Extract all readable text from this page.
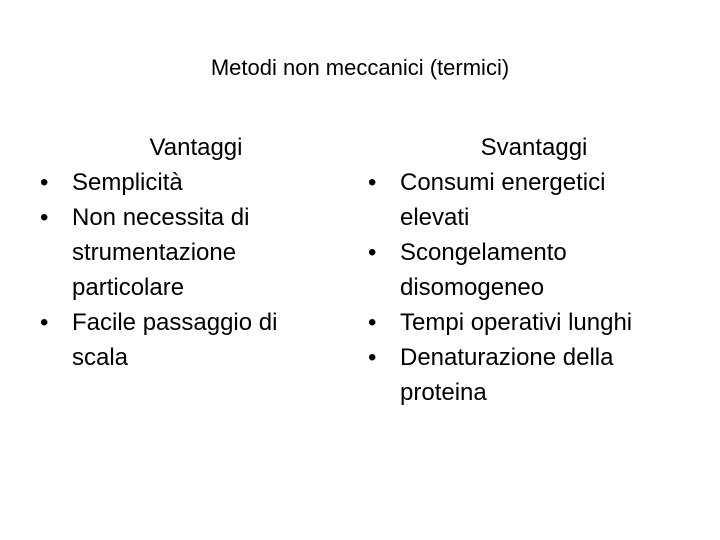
Metodi non meccanici (termici)
Vantaggi
• Semplicità
• Non necessita di strumentazione particolare
• Facile passaggio di scala
Svantaggi
• Consumi energetici elevati
• Scongelamento disomogeneo
• Tempi operativi lunghi
• Denaturazione della proteina
